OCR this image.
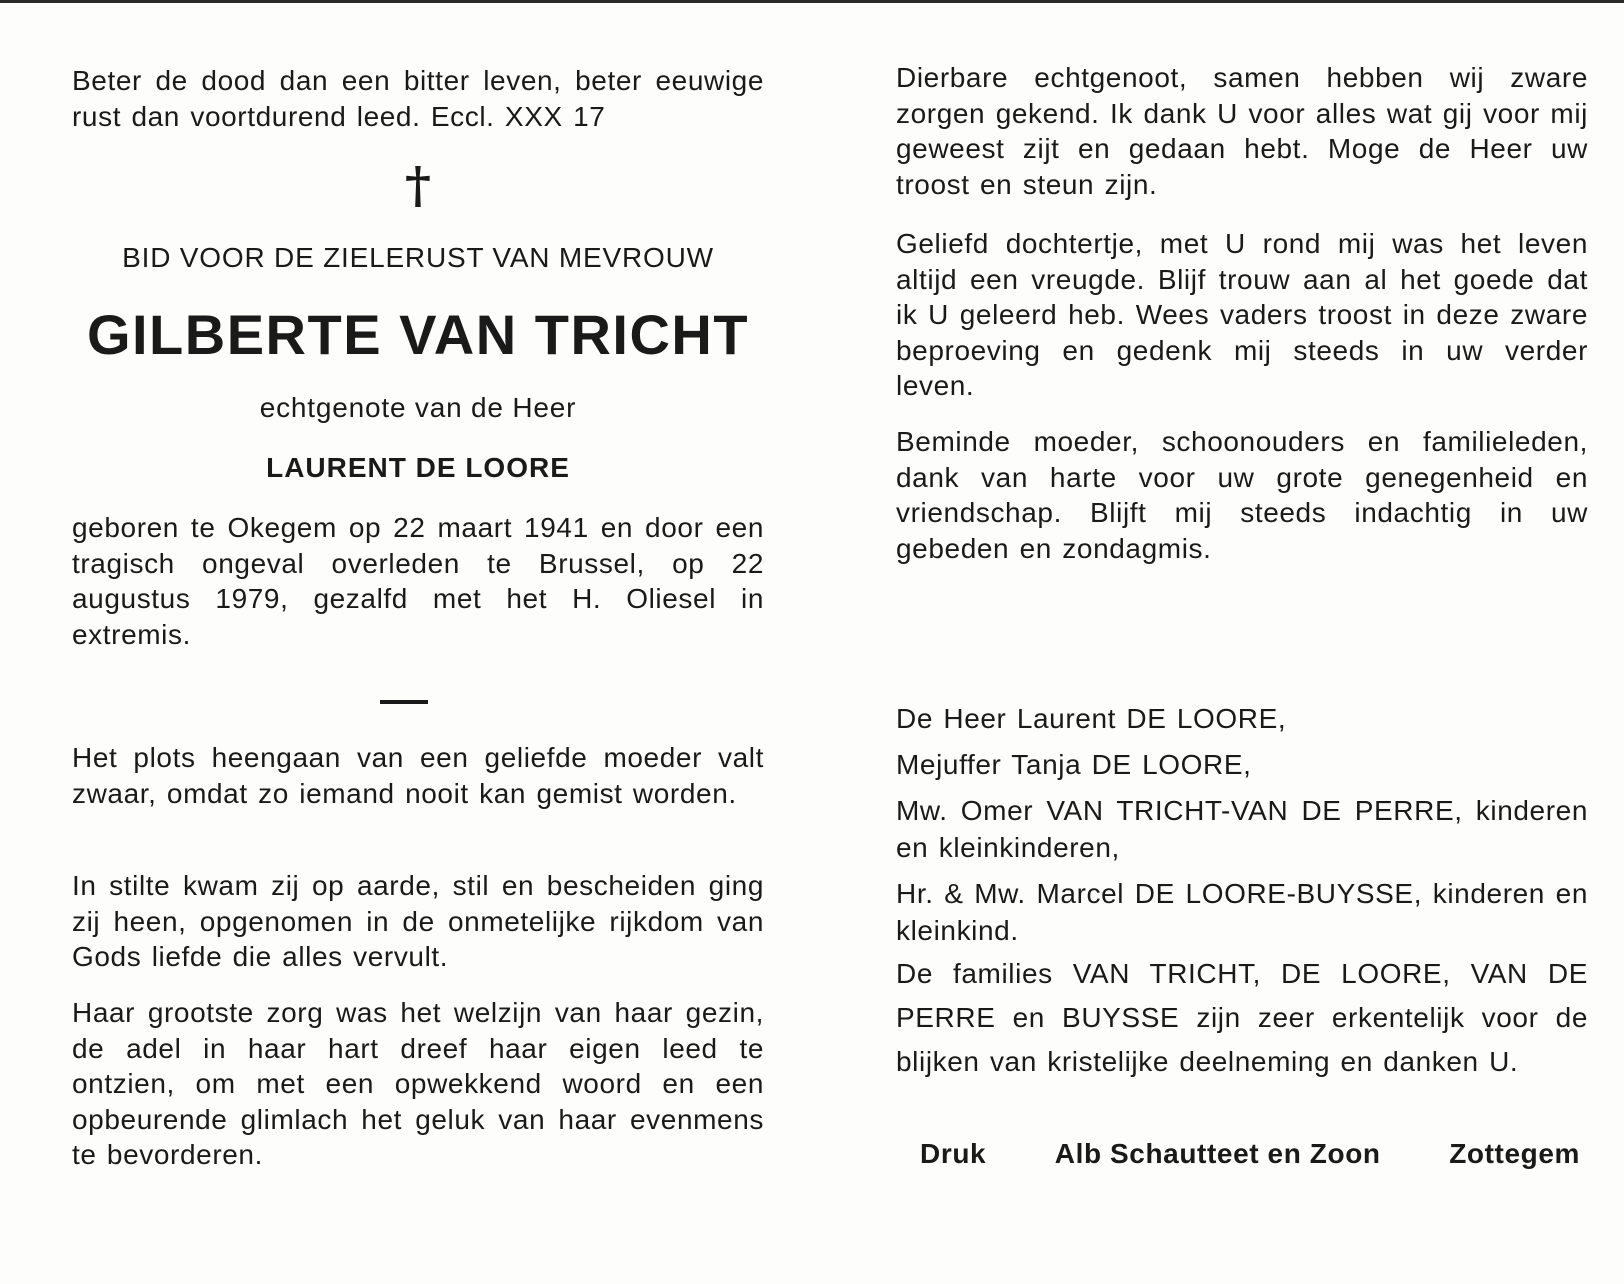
Beter de dood dan een bitter leven, beter eeuwige rust dan voortdurend leed. Eccl. XXX 17

†

BID VOOR DE ZIELERUST VAN MEVROUW

GILBERTE VAN TRICHT

echtgenote van de Heer

LAURENT DE LOORE

geboren te Okegem op 22 maart 1941 en door een tragisch ongeval overleden te Brussel, op 22 augustus 1979, gezalfd met het H. Oliesel in extremis.

Het plots heengaan van een geliefde moeder valt zwaar, omdat zo iemand nooit kan gemist worden.

In stilte kwam zij op aarde, stil en bescheiden ging zij heen, opgenomen in de onmetelijke rijkdom van Gods liefde die alles vervult.

Haar grootste zorg was het welzijn van haar gezin, de adel in haar hart dreef haar eigen leed te ontzien, om met een opwekkend woord en een opbeurende glimlach het geluk van haar evenmens te bevorderen.

Dierbare echtgenoot, samen hebben wij zware zorgen gekend. Ik dank U voor alles wat gij voor mij geweest zijt en gedaan hebt. Moge de Heer uw troost en steun zijn.

Geliefd dochtertje, met U rond mij was het leven altijd een vreugde. Blijf trouw aan al het goede dat ik U geleerd heb. Wees vaders troost in deze zware beproeving en gedenk mij steeds in uw verder leven.

Beminde moeder, schoonouders en familieleden, dank van harte voor uw grote genegenheid en vriendschap. Blijft mij steeds indachtig in uw gebeden en zondagmis.

De Heer Laurent DE LOORE,

Mejuffer Tanja DE LOORE,

Mw. Omer VAN TRICHT-VAN DE PERRE, kinderen en kleinkinderen,

Hr. & Mw. Marcel DE LOORE-BUYSSE, kinderen en kleinkind.

De families VAN TRICHT, DE LOORE, VAN DE PERRE en BUYSSE zijn zeer erkentelijk voor de blijken van kristelijke deelneming en danken U.

Druk Alb Schautteet en Zoon Zottegem
